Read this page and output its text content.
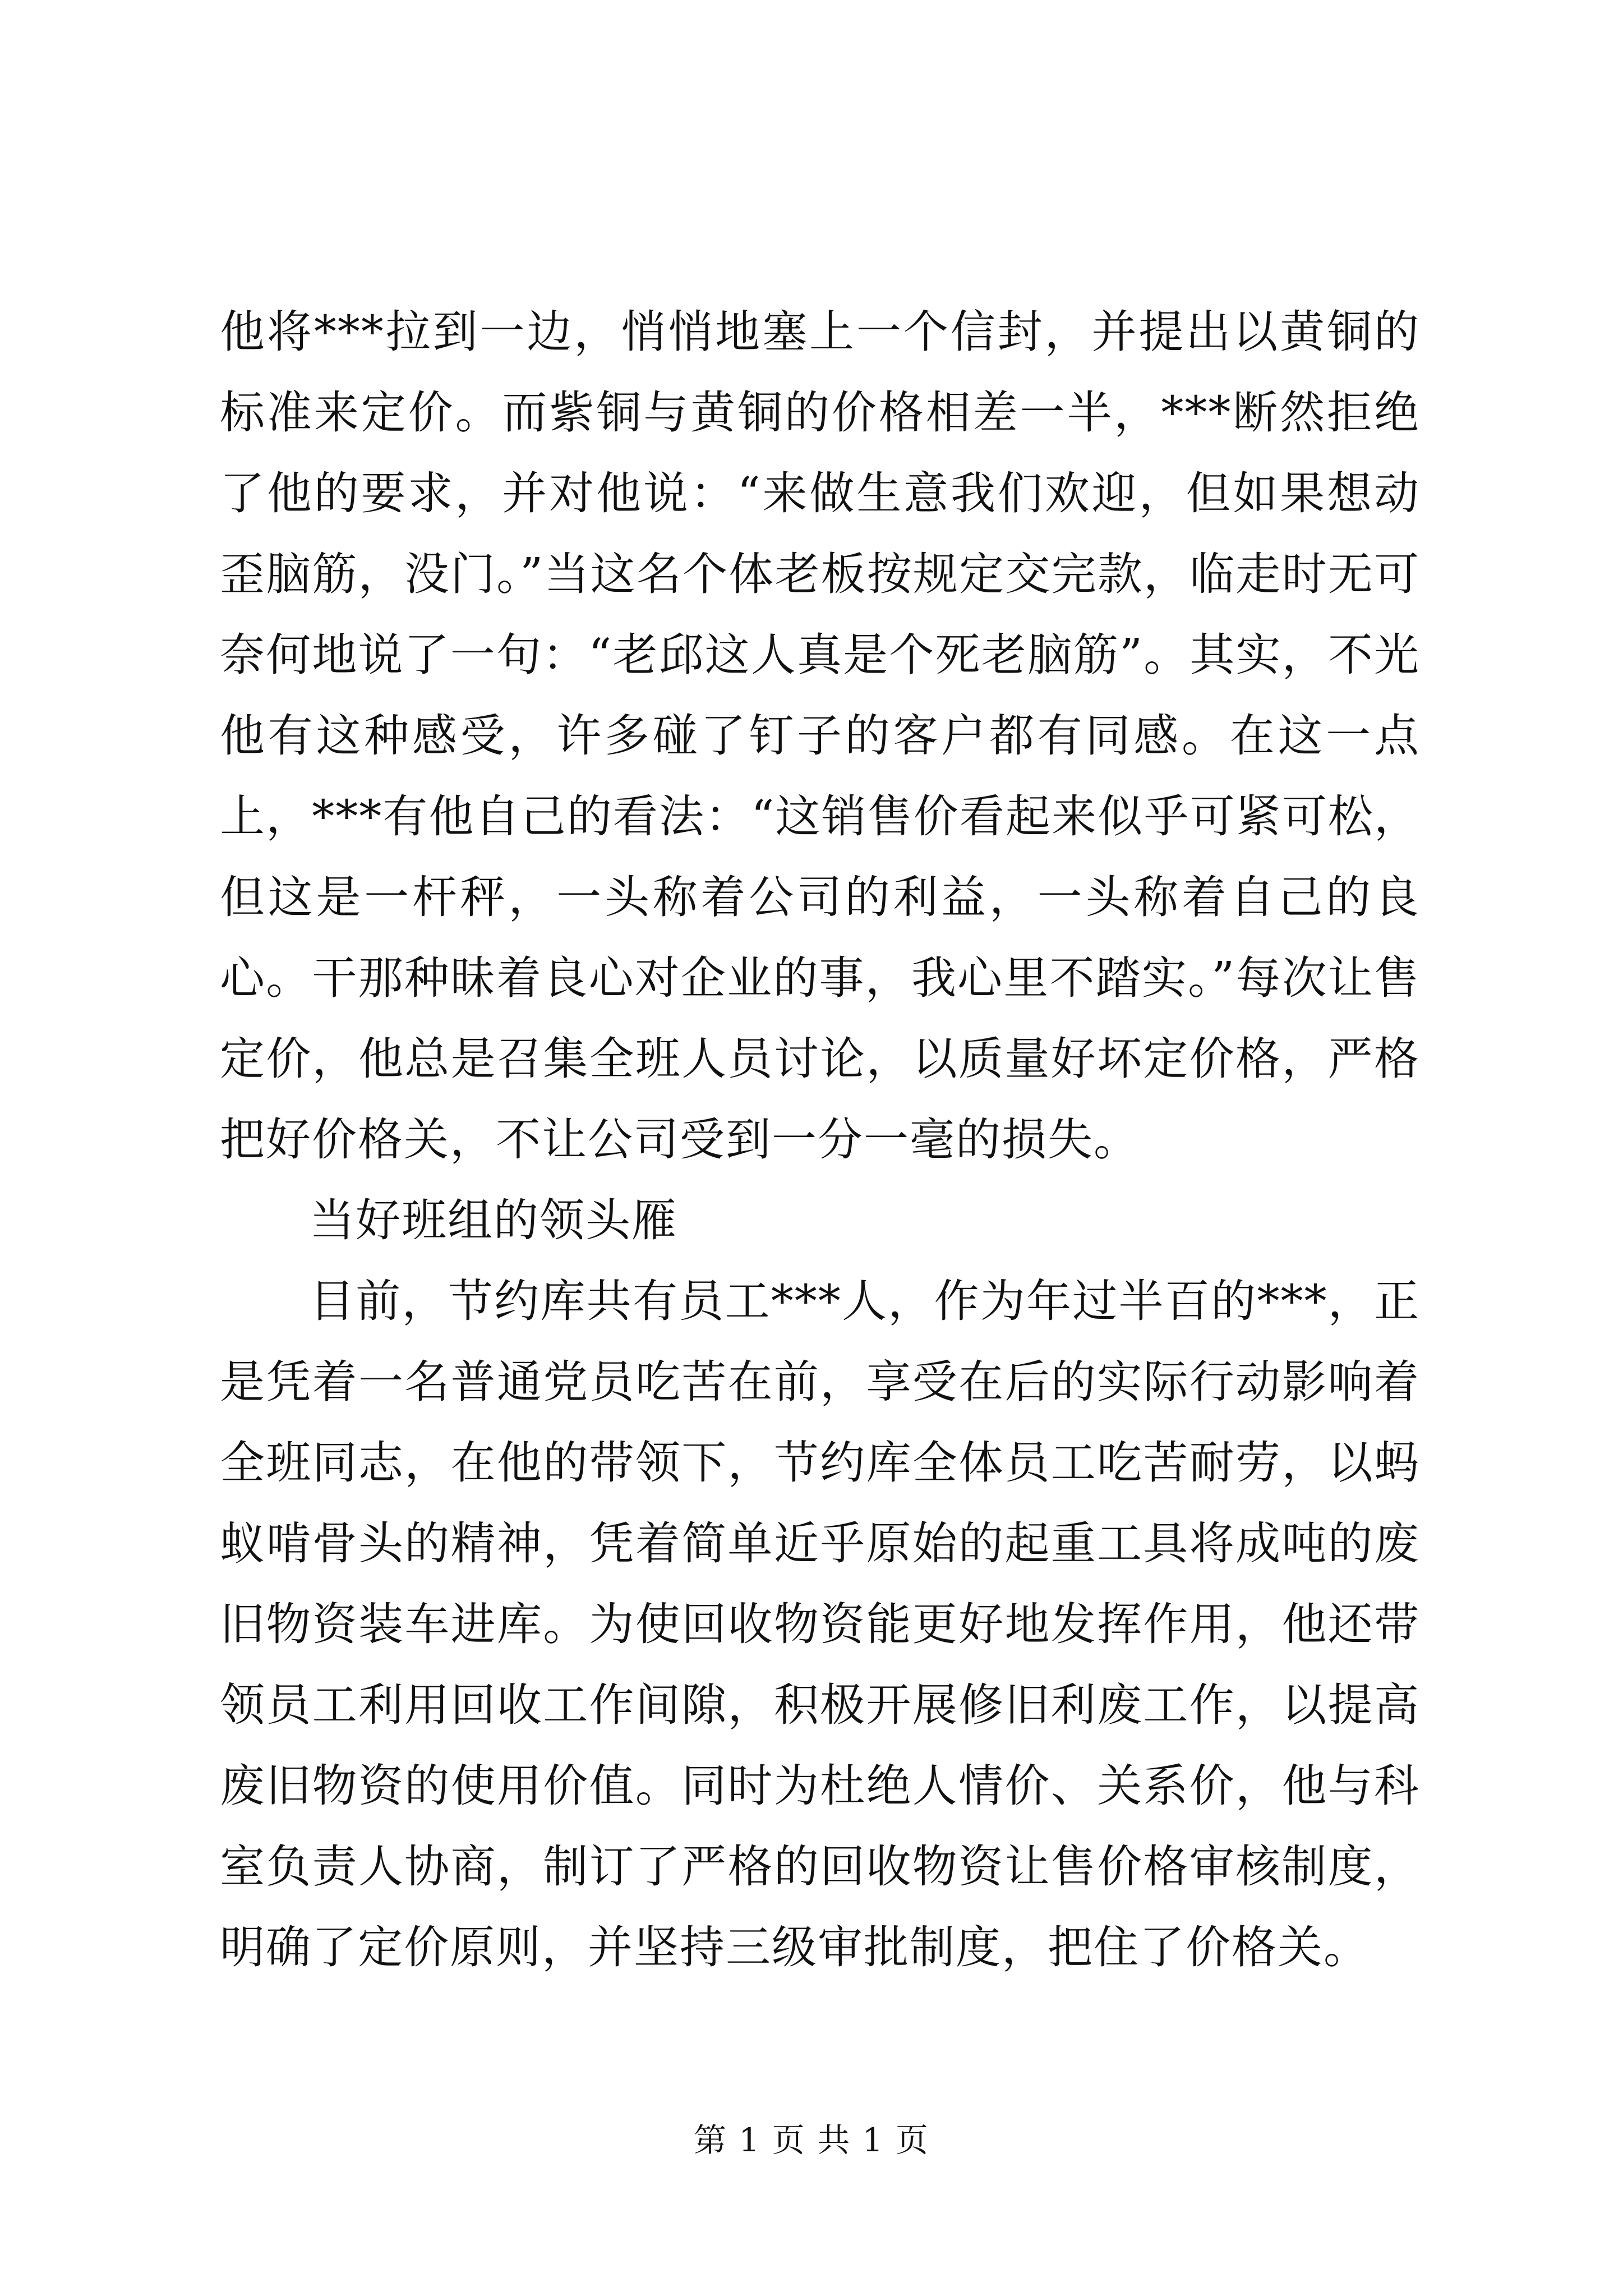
他将***拉到一边，悄悄地塞上一个信封，并提出以黄铜的标准来定价。而紫铜与黄铜的价格相差一半，***断然拒绝了他的要求，并对他说：“来做生意我们欢迎，但如果想动歪脑筋，没门。”当这名个体老板按规定交完款，临走时无可奈何地说了一句：“老邱这人真是个死老脑筋”。其实，不光他有这种感受，许多碰了钉子的客户都有同感。在这一点上，***有他自己的看法：“这销售价看起来似乎可紧可松，但这是一杆秤，一头称着公司的利益，一头称着自己的良心。干那种昧着良心对企业的事，我心里不踏实。”每次让售定价，他总是召集全班人员讨论，以质量好坏定价格，严格把好价格关，不让公司受到一分一毫的损失。

当好班组的领头雁

目前，节约库共有员工***人，作为年过半百的***，正是凭着一名普通党员吃苦在前，享受在后的实际行动影响着全班同志，在他的带领下，节约库全体员工吃苦耐劳，以蚂蚁啃骨头的精神，凭着简单近乎原始的起重工具将成吨的废旧物资装车进库。为使回收物资能更好地发挥作用，他还带领员工利用回收工作间隙，积极开展修旧利废工作，以提高废旧物资的使用价值。同时为杜绝人情价、关系价，他与科室负责人协商，制订了严格的回收物资让售价格审核制度，明确了定价原则，并坚持三级审批制度，把住了价格关。

第 1 页 共 1 页
